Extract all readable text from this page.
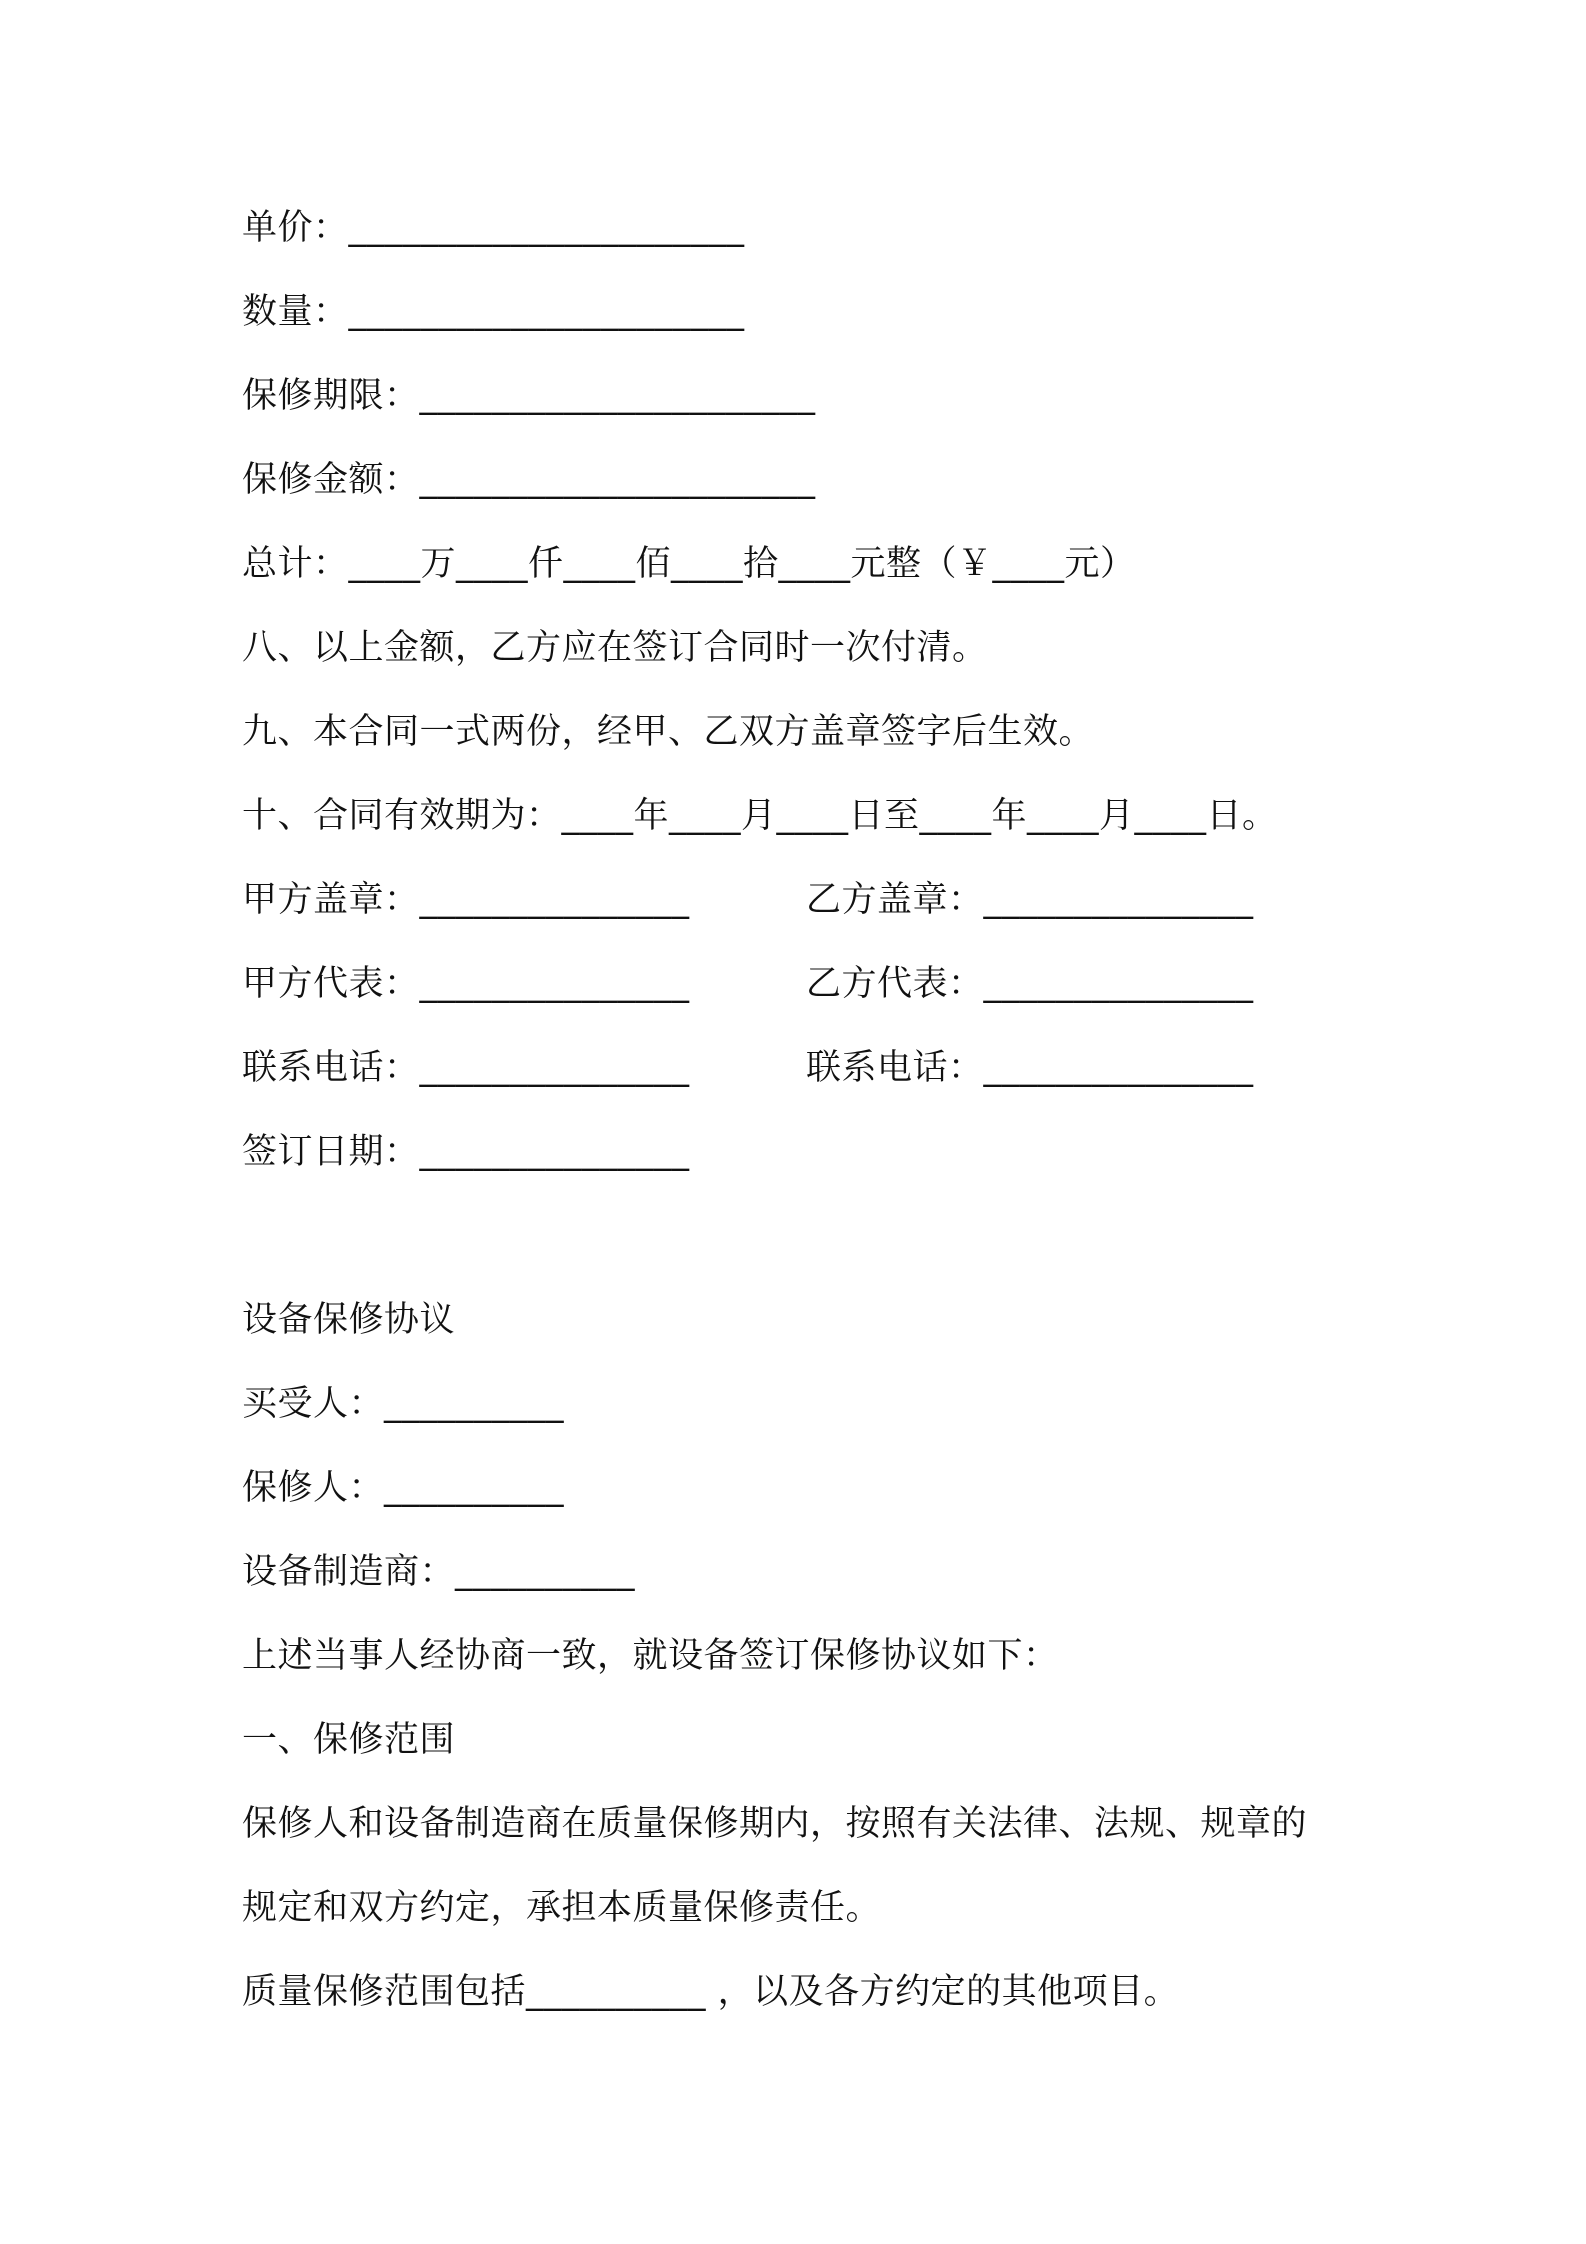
单价：______________________
数量：______________________
保修期限：______________________
保修金额：______________________
总计：____万____仟____佰____拾____元整（￥____元）
八、以上金额，乙方应在签订合同时一次付清。
九、本合同一式两份，经甲、乙双方盖章签字后生效。
十、合同有效期为：____年____月____日至____年____月____日。
甲方盖章：_______________	乙方盖章：_______________
甲方代表：_______________	乙方代表：_______________
联系电话：_______________	联系电话：_______________
签订日期：_______________
设备保修协议
买受人：__________
保修人：__________
设备制造商：__________
上述当事人经协商一致，就设备签订保修协议如下：
一、保修范围
保修人和设备制造商在质量保修期内，按照有关法律、法规、规章的
规定和双方约定，承担本质量保修责任。
质量保修范围包括__________ ，以及各方约定的其他项目。
